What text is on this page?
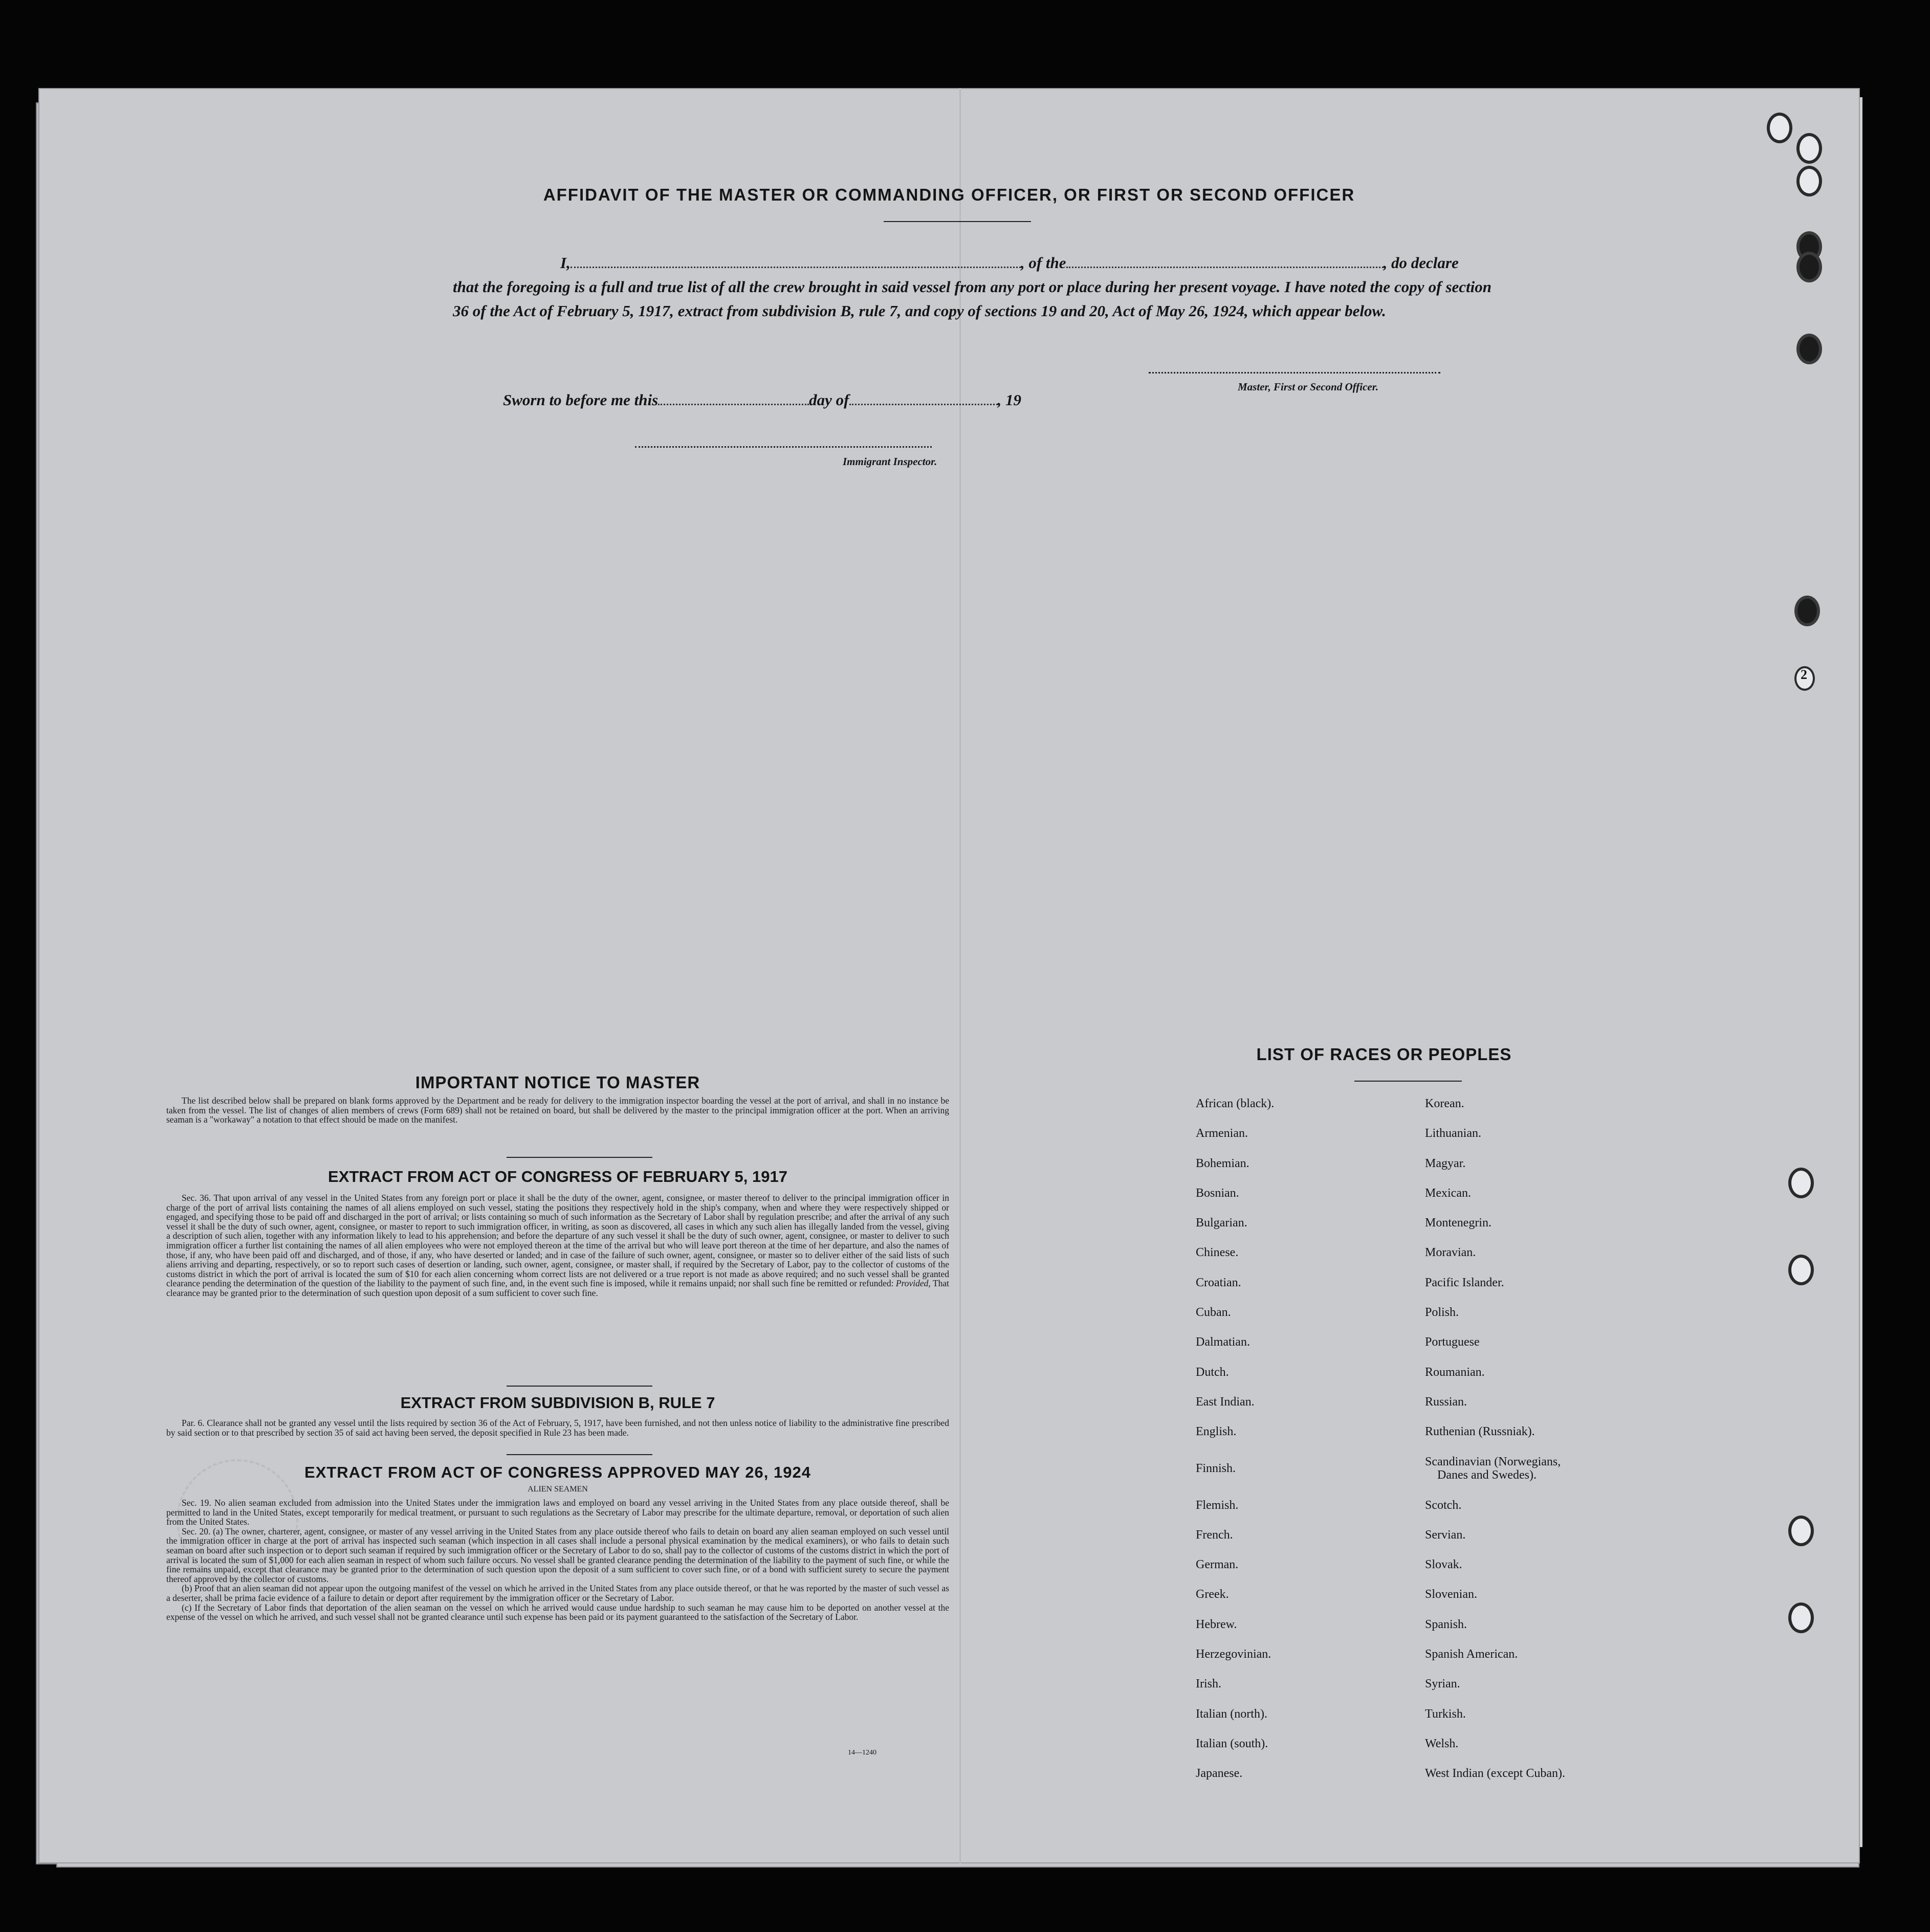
2
AFFIDAVIT OF THE MASTER OR COMMANDING OFFICER, OR FIRST OR SECOND OFFICER
I,	, of the	, do declare
that the foregoing is a full and true list of all the crew brought in said vessel from any port or place during her present voyage. I have noted the copy of section 36 of the Act of February 5, 1917, extract from subdivision B, rule 7, and copy of sections 19 and 20, Act of May 26, 1924, which appear below.
Master, First or Second Officer.
Sworn to before me this	day of	, 19
Immigrant Inspector.
IMPORTANT NOTICE TO MASTER

The list described below shall be prepared on blank forms approved by the Department and be ready for delivery to the immigration inspector boarding the vessel at the port of arrival, and shall in no instance be taken from the vessel. The list of changes of alien members of crews (Form 689) shall not be retained on board, but shall be delivered by the master to the principal immigration officer at the port. When an arriving seaman is a "workaway" a notation to that effect should be made on the manifest.

EXTRACT FROM ACT OF CONGRESS OF FEBRUARY 5, 1917

Sec. 36. That upon arrival of any vessel in the United States from any foreign port or place it shall be the duty of the owner, agent, consignee, or master thereof to deliver to the principal immigration officer in charge of the port of arrival lists containing the names of all aliens employed on such vessel, stating the positions they respectively hold in the ship's company, when and where they were respectively shipped or engaged, and specifying those to be paid off and discharged in the port of arrival; or lists containing so much of such information as the Secretary of Labor shall by regulation prescribe; and after the arrival of any such vessel it shall be the duty of such owner, agent, consignee, or master to report to such immigration officer, in writing, as soon as discovered, all cases in which any such alien has illegally landed from the vessel, giving a description of such alien, together with any information likely to lead to his apprehension; and before the departure of any such vessel it shall be the duty of such owner, agent, consignee, or master to deliver to such immigration officer a further list containing the names of all alien employees who were not employed thereon at the time of the arrival but who will leave port thereon at the time of her departure, and also the names of those, if any, who have been paid off and discharged, and of those, if any, who have deserted or landed; and in case of the failure of such owner, agent, consignee, or master so to deliver either of the said lists of such aliens arriving and departing, respectively, or so to report such cases of desertion or landing, such owner, agent, consignee, or master shall, if required by the Secretary of Labor, pay to the collector of customs of the customs district in which the port of arrival is located the sum of $10 for each alien concerning whom correct lists are not delivered or a true report is not made as above required; and no such vessel shall be granted clearance pending the determination of the question of the liability to the payment of such fine, and, in the event such fine is imposed, while it remains unpaid; nor shall such fine be remitted or refunded: Provided, That clearance may be granted prior to the determination of such question upon deposit of a sum sufficient to cover such fine.

EXTRACT FROM SUBDIVISION B, RULE 7

Par. 6. Clearance shall not be granted any vessel until the lists required by section 36 of the Act of February, 5, 1917, have been furnished, and not then unless notice of liability to the administrative fine prescribed by said section or to that prescribed by section 35 of said act having been served, the deposit specified in Rule 23 has been made.

EXTRACT FROM ACT OF CONGRESS APPROVED MAY 26, 1924
ALIEN SEAMEN

Sec. 19. No alien seaman excluded from admission into the United States under the immigration laws and employed on board any vessel arriving in the United States from any place outside thereof, shall be permitted to land in the United States, except temporarily for medical treatment, or pursuant to such regulations as the Secretary of Labor may prescribe for the ultimate departure, removal, or deportation of such alien from the United States.

Sec. 20. (a) The owner, charterer, agent, consignee, or master of any vessel arriving in the United States from any place outside thereof who fails to detain on board any alien seaman employed on such vessel until the immigration officer in charge at the port of arrival has inspected such seaman (which inspection in all cases shall include a personal physical examination by the medical examiners), or who fails to detain such seaman on board after such inspection or to deport such seaman if required by such immigration officer or the Secretary of Labor to do so, shall pay to the collector of customs of the customs district in which the port of arrival is located the sum of $1,000 for each alien seaman in respect of whom such failure occurs. No vessel shall be granted clearance pending the determination of the liability to the payment of such fine, or while the fine remains unpaid, except that clearance may be granted prior to the determination of such question upon the deposit of a sum sufficient to cover such fine, or of a bond with sufficient surety to secure the payment thereof approved by the collector of customs.

(b) Proof that an alien seaman did not appear upon the outgoing manifest of the vessel on which he arrived in the United States from any place outside thereof, or that he was reported by the master of such vessel as a deserter, shall be prima facie evidence of a failure to detain or deport after requirement by the immigration officer or the Secretary of Labor.

(c) If the Secretary of Labor finds that deportation of the alien seaman on the vessel on which he arrived would cause undue hardship to such seaman he may cause him to be deported on another vessel at the expense of the vessel on which he arrived, and such vessel shall not be granted clearance until such expense has been paid or its payment guaranteed to the satisfaction of the Secretary of Labor.

14—1240
LIST OF RACES OR PEOPLES
African (black).
Armenian.
Bohemian.
Bosnian.
Bulgarian.
Chinese.
Croatian.
Cuban.
Dalmatian.
Dutch.
East Indian.
English.
Finnish.
Flemish.
French.
German.
Greek.
Hebrew.
Herzegovinian.
Irish.
Italian (north).
Italian (south).
Japanese.
Korean.
Lithuanian.
Magyar.
Mexican.
Montenegrin.
Moravian.
Pacific Islander.
Polish.
Portuguese
Roumanian.
Russian.
Ruthenian (Russniak).
Scandinavian (Norwegians,
Danes and Swedes).
Scotch.
Servian.
Slovak.
Slovenian.
Spanish.
Spanish American.
Syrian.
Turkish.
Welsh.
West Indian (except Cuban).
